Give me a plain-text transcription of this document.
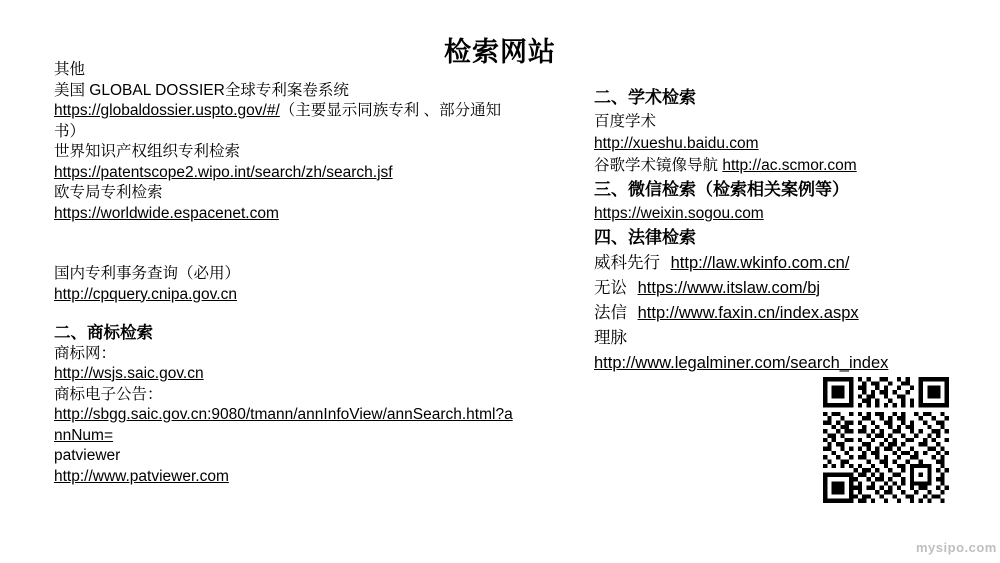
检索网站
其他
美国 GLOBAL DOSSIER全球专利案卷系统
https://globaldossier.uspto.gov/#/（主要显示同族专利 、部分通知书）
世界知识产权组织专利检索
https://patentscope2.wipo.int/search/zh/search.jsf
欧专局专利检索
https://worldwide.espacenet.com
国内专利事务查询（必用）
http://cpquery.cnipa.gov.cn
二、商标检索
商标网：
http://wsjs.saic.gov.cn
商标电子公告：
http://sbgg.saic.gov.cn:9080/tmann/annInfoView/annSearch.html?annNum=
patviewer
http://www.patviewer.com
二、学术检索
百度学术
http://xueshu.baidu.com
谷歌学术镜像导航 http://ac.scmor.com
三、微信检索（检索相关案例等）
https://weixin.sogou.com
四、法律检索
威科先行 http://law.wkinfo.com.cn/
无讼 https://www.itslaw.com/bj
法信 http://www.faxin.cn/index.aspx
理脉
http://www.legalminer.com/search_index
mysipo.com
